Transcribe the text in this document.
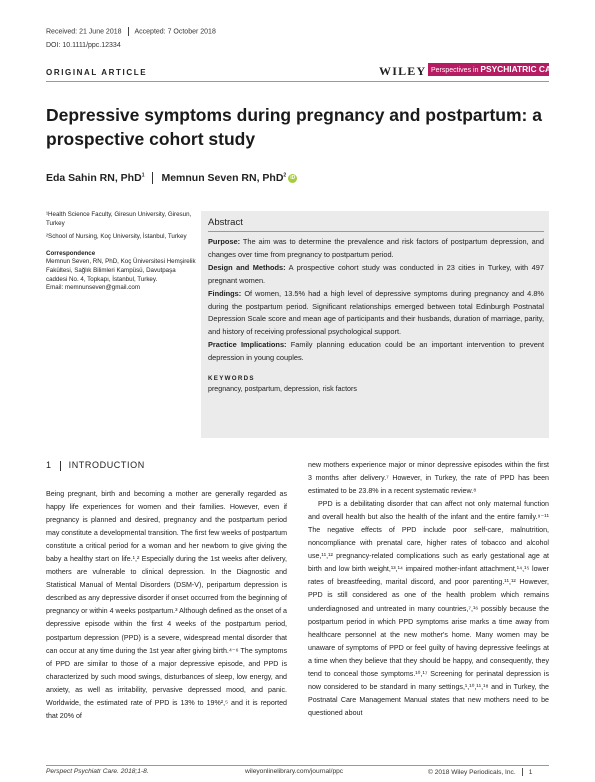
Received: 21 June 2018 Accepted: 7 October 2018
DOI: 10.1111/ppc.12334
ORIGINAL ARTICLE	WILEY Perspectives in PSYCHIATRIC CARE
Depressive symptoms during pregnancy and postpartum: a prospective cohort study
Eda Sahin RN, PhD$^1$ Memnun Seven RN, PhD$^2$ iD

¹Health Science Faculty, Giresun University, Giresun, Turkey

²School of Nursing, Koç University, İstanbul, Turkey

Correspondence

Memnun Seven, RN, PhD, Koç Üniversitesi Hemşirelik Fakültesi, Sağlık Bilimleri Kampüsü, Davutpaşa caddesi No. 4, Topkapı, İstanbul, Turkey.

Email: memnunseven@gmail.com

Abstract

Purpose: The aim was to determine the prevalence and risk factors of postpartum depression, and changes over time from pregnancy to postpartum period.

Design and Methods: A prospective cohort study was conducted in 23 cities in Turkey, with 497 pregnant women.

Findings: Of women, 13.5% had a high level of depressive symptoms during pregnancy and 4.8% during the postpartum period. Significant relationships emerged between total Edinburgh Postnatal Depression Scale score and mean age of participants and their husbands, duration of marriage, parity, and history of receiving professional psychological support.

Practice Implications: Family planning education could be an important intervention to prevent depression in young couples.

KEYWORDS
pregnancy, postpartum, depression, risk factors
1 INTRODUCTION

Being pregnant, birth and becoming a mother are generally regarded as happy life experiences for women and their families. However, even if pregnancy is planned and desired, pregnancy and the postpartum period may constitute a developmental transition. The first few weeks of postpartum constitute a critical period for a woman and her newborn to give giving the baby a healthy start on life.¹,² Especially during the 1st weeks after delivery, mothers are vulnerable to clinical depression. In the Diagnostic and Statistical Manual of Mental Disorders (DSM-V), peripartum depression is described as any depressive disorder if onset occurred from the beginning of pregnancy or within 4 weeks postpartum.³ Although defined as the onset of a depressive episode within the first 4 weeks of the postpartum period, postpartum depression (PPD) is a severe, widespread mental disorder that can occur at any time during the 1st year after giving birth.⁴⁻⁶ The symptoms of PPD are similar to those of a major depressive episode, and PPD is characterized by such mood swings, disturbances of sleep, low energy, and anxiety, as well as irritability, pervasive depressed mood, and panic. Worldwide, the estimated rate of PPD is 13% to 19%²,⁵ and it is reported that 20% of

new mothers experience major or minor depressive episodes within the first 3 months after delivery.⁷ However, in Turkey, the rate of PPD has been estimated to be 23.8% in a recent systematic review.⁸

PPD is a debilitating disorder that can affect not only maternal function and overall health but also the health of the infant and the entire family.⁹⁻¹¹ The negative effects of PPD include poor self-care, malnutrition, noncompliance with prenatal care, higher rates of tobacco and alcohol use,¹¹,¹² pregnancy-related complications such as early gestational age at birth and low birth weight,¹³,¹⁴ impaired mother-infant attachment,¹⁴,¹⁵ lower rates of breastfeeding, marital discord, and poor parenting.¹¹,¹² However, PPD is still considered as one of the health problem which remains underdiagnosed and untreated in many countries,⁷,¹⁶ possibly because the postpartum period in which PPD symptoms arise marks a time away from healthcare personnel at the new mother's home. Many women may be unaware of symptoms of PPD or feel guilty of having depressive feelings at a time when they believe that they should be happy, and consequently, they tend to conceal those symptoms.¹⁰,¹⁷ Screening for perinatal depression is now considered to be standard in many settings,¹,¹⁰,¹¹,¹⁸ and in Turkey, the Postnatal Care Management Manual states that new mothers need to be questioned about

Perspect Psychiatr Care. 2018;1-8.	wileyonlinelibrary.com/journal/ppc	© 2018 Wiley Periodicals, Inc. 1
